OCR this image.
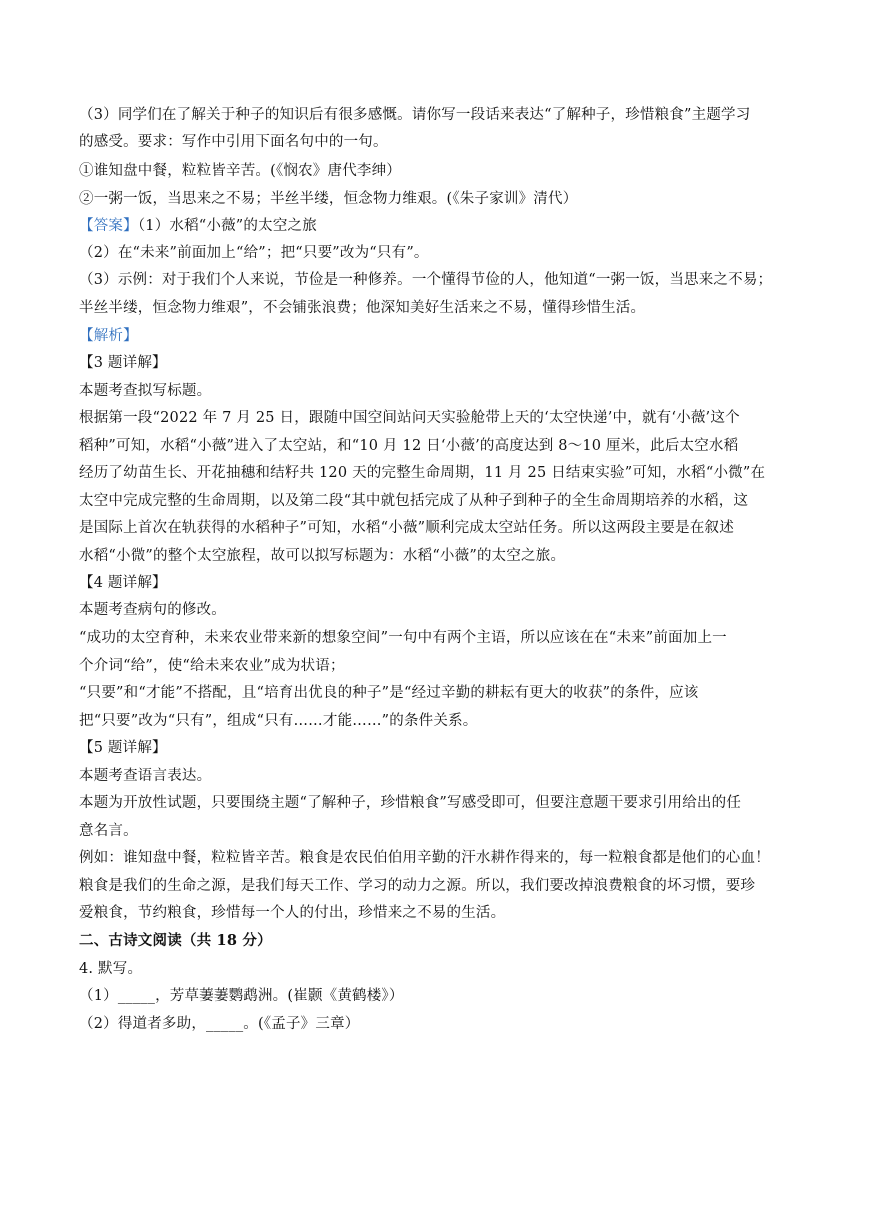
（3）同学们在了解关于种子的知识后有很多感慨。请你写一段话来表达“了解种子，珍惜粮食”主题学习
的感受。要求：写作中引用下面名句中的一句。
①谁知盘中餐，粒粒皆辛苦。(《悯农》唐代李绅）
②一粥一饭，当思来之不易；半丝半缕，恒念物力维艰。(《朱子家训》清代）
【答案】（1）水稻“小薇”的太空之旅
（2）在“未来”前面加上“给”；把“只要”改为“只有”。
（3）示例：对于我们个人来说，节俭是一种修养。一个懂得节俭的人，他知道“一粥一饭，当思来之不易；
半丝半缕，恒念物力维艰”，不会铺张浪费；他深知美好生活来之不易，懂得珍惜生活。
【解析】
【3 题详解】
本题考查拟写标题。
根据第一段“2022 年 7 月 25 日，跟随中国空间站问天实验舱带上天的‘太空快递’中，就有‘小薇’这个
稻种”可知，水稻“小薇”进入了太空站，和“10 月 12 日‘小薇’的高度达到 8～10 厘米，此后太空水稻
经历了幼苗生长、开花抽穗和结籽共 120 天的完整生命周期，11 月 25 日结束实验”可知，水稻“小微”在
太空中完成完整的生命周期，以及第二段“其中就包括完成了从种子到种子的全生命周期培养的水稻，这
是国际上首次在轨获得的水稻种子”可知，水稻“小薇”顺利完成太空站任务。所以这两段主要是在叙述
水稻“小微”的整个太空旅程，故可以拟写标题为：水稻“小薇”的太空之旅。
【4 题详解】
本题考查病句的修改。
“成功的太空育种，未来农业带来新的想象空间”一句中有两个主语，所以应该在在“未来”前面加上一
个介词“给”，使“给未来农业”成为状语；
“只要”和“才能”不搭配，且“培育出优良的种子”是“经过辛勤的耕耘有更大的收获”的条件，应该
把“只要”改为“只有”，组成“只有……才能……”的条件关系。
【5 题详解】
本题考查语言表达。
本题为开放性试题，只要围绕主题“了解种子，珍惜粮食”写感受即可，但要注意题干要求引用给出的任
意名言。
例如：谁知盘中餐，粒粒皆辛苦。粮食是农民伯伯用辛勤的汗水耕作得来的，每一粒粮食都是他们的心血！
粮食是我们的生命之源，是我们每天工作、学习的动力之源。所以，我们要改掉浪费粮食的坏习惯，要珍
爱粮食，节约粮食，珍惜每一个人的付出，珍惜来之不易的生活。
二、古诗文阅读（共 18 分）
4. 默写。
（1）_____，芳草萋萋鹦鹉洲。(崔颢《黄鹤楼》）
（2）得道者多助，_____。(《孟子》三章）
